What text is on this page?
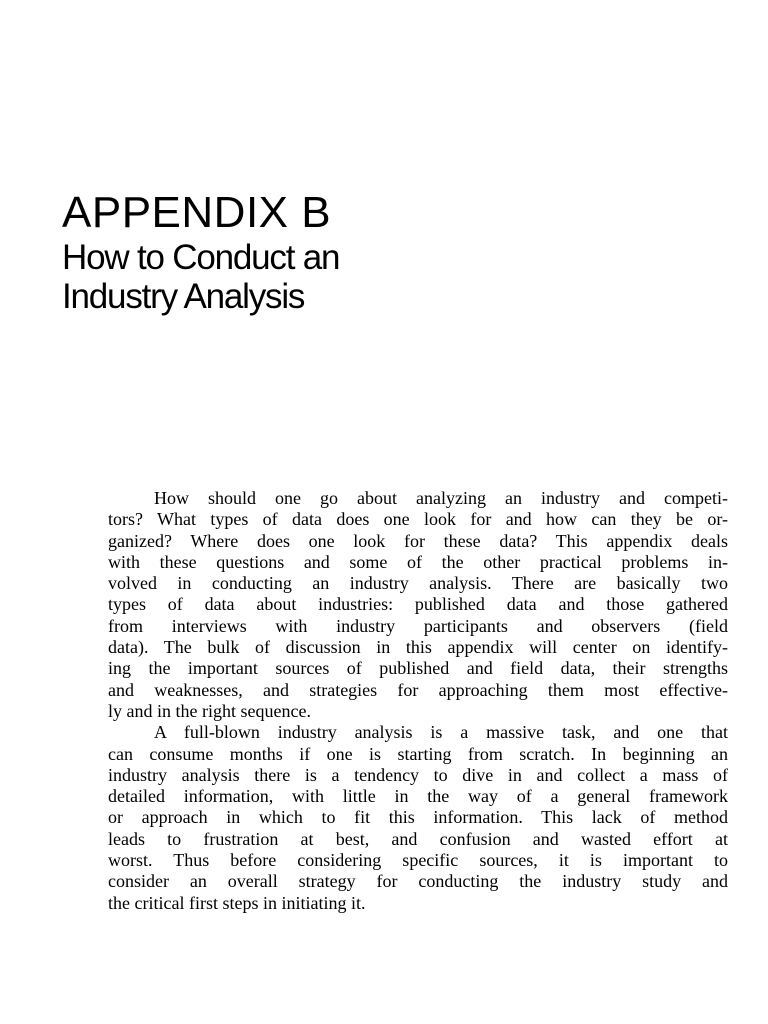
APPENDIX B
How to Conduct an
Industry Analysis
How should one go about analyzing an industry and competi-
tors? What types of data does one look for and how can they be or-
ganized? Where does one look for these data? This appendix deals
with these questions and some of the other practical problems in-
volved in conducting an industry analysis. There are basically two
types of data about industries: published data and those gathered
from interviews with industry participants and observers (field
data). The bulk of discussion in this appendix will center on identify-
ing the important sources of published and field data, their strengths
and weaknesses, and strategies for approaching them most effective-
ly and in the right sequence.
A full-blown industry analysis is a massive task, and one that
can consume months if one is starting from scratch. In beginning an
industry analysis there is a tendency to dive in and collect a mass of
detailed information, with little in the way of a general framework
or approach in which to fit this information. This lack of method
leads to frustration at best, and confusion and wasted effort at
worst. Thus before considering specific sources, it is important to
consider an overall strategy for conducting the industry study and
the critical first steps in initiating it.
